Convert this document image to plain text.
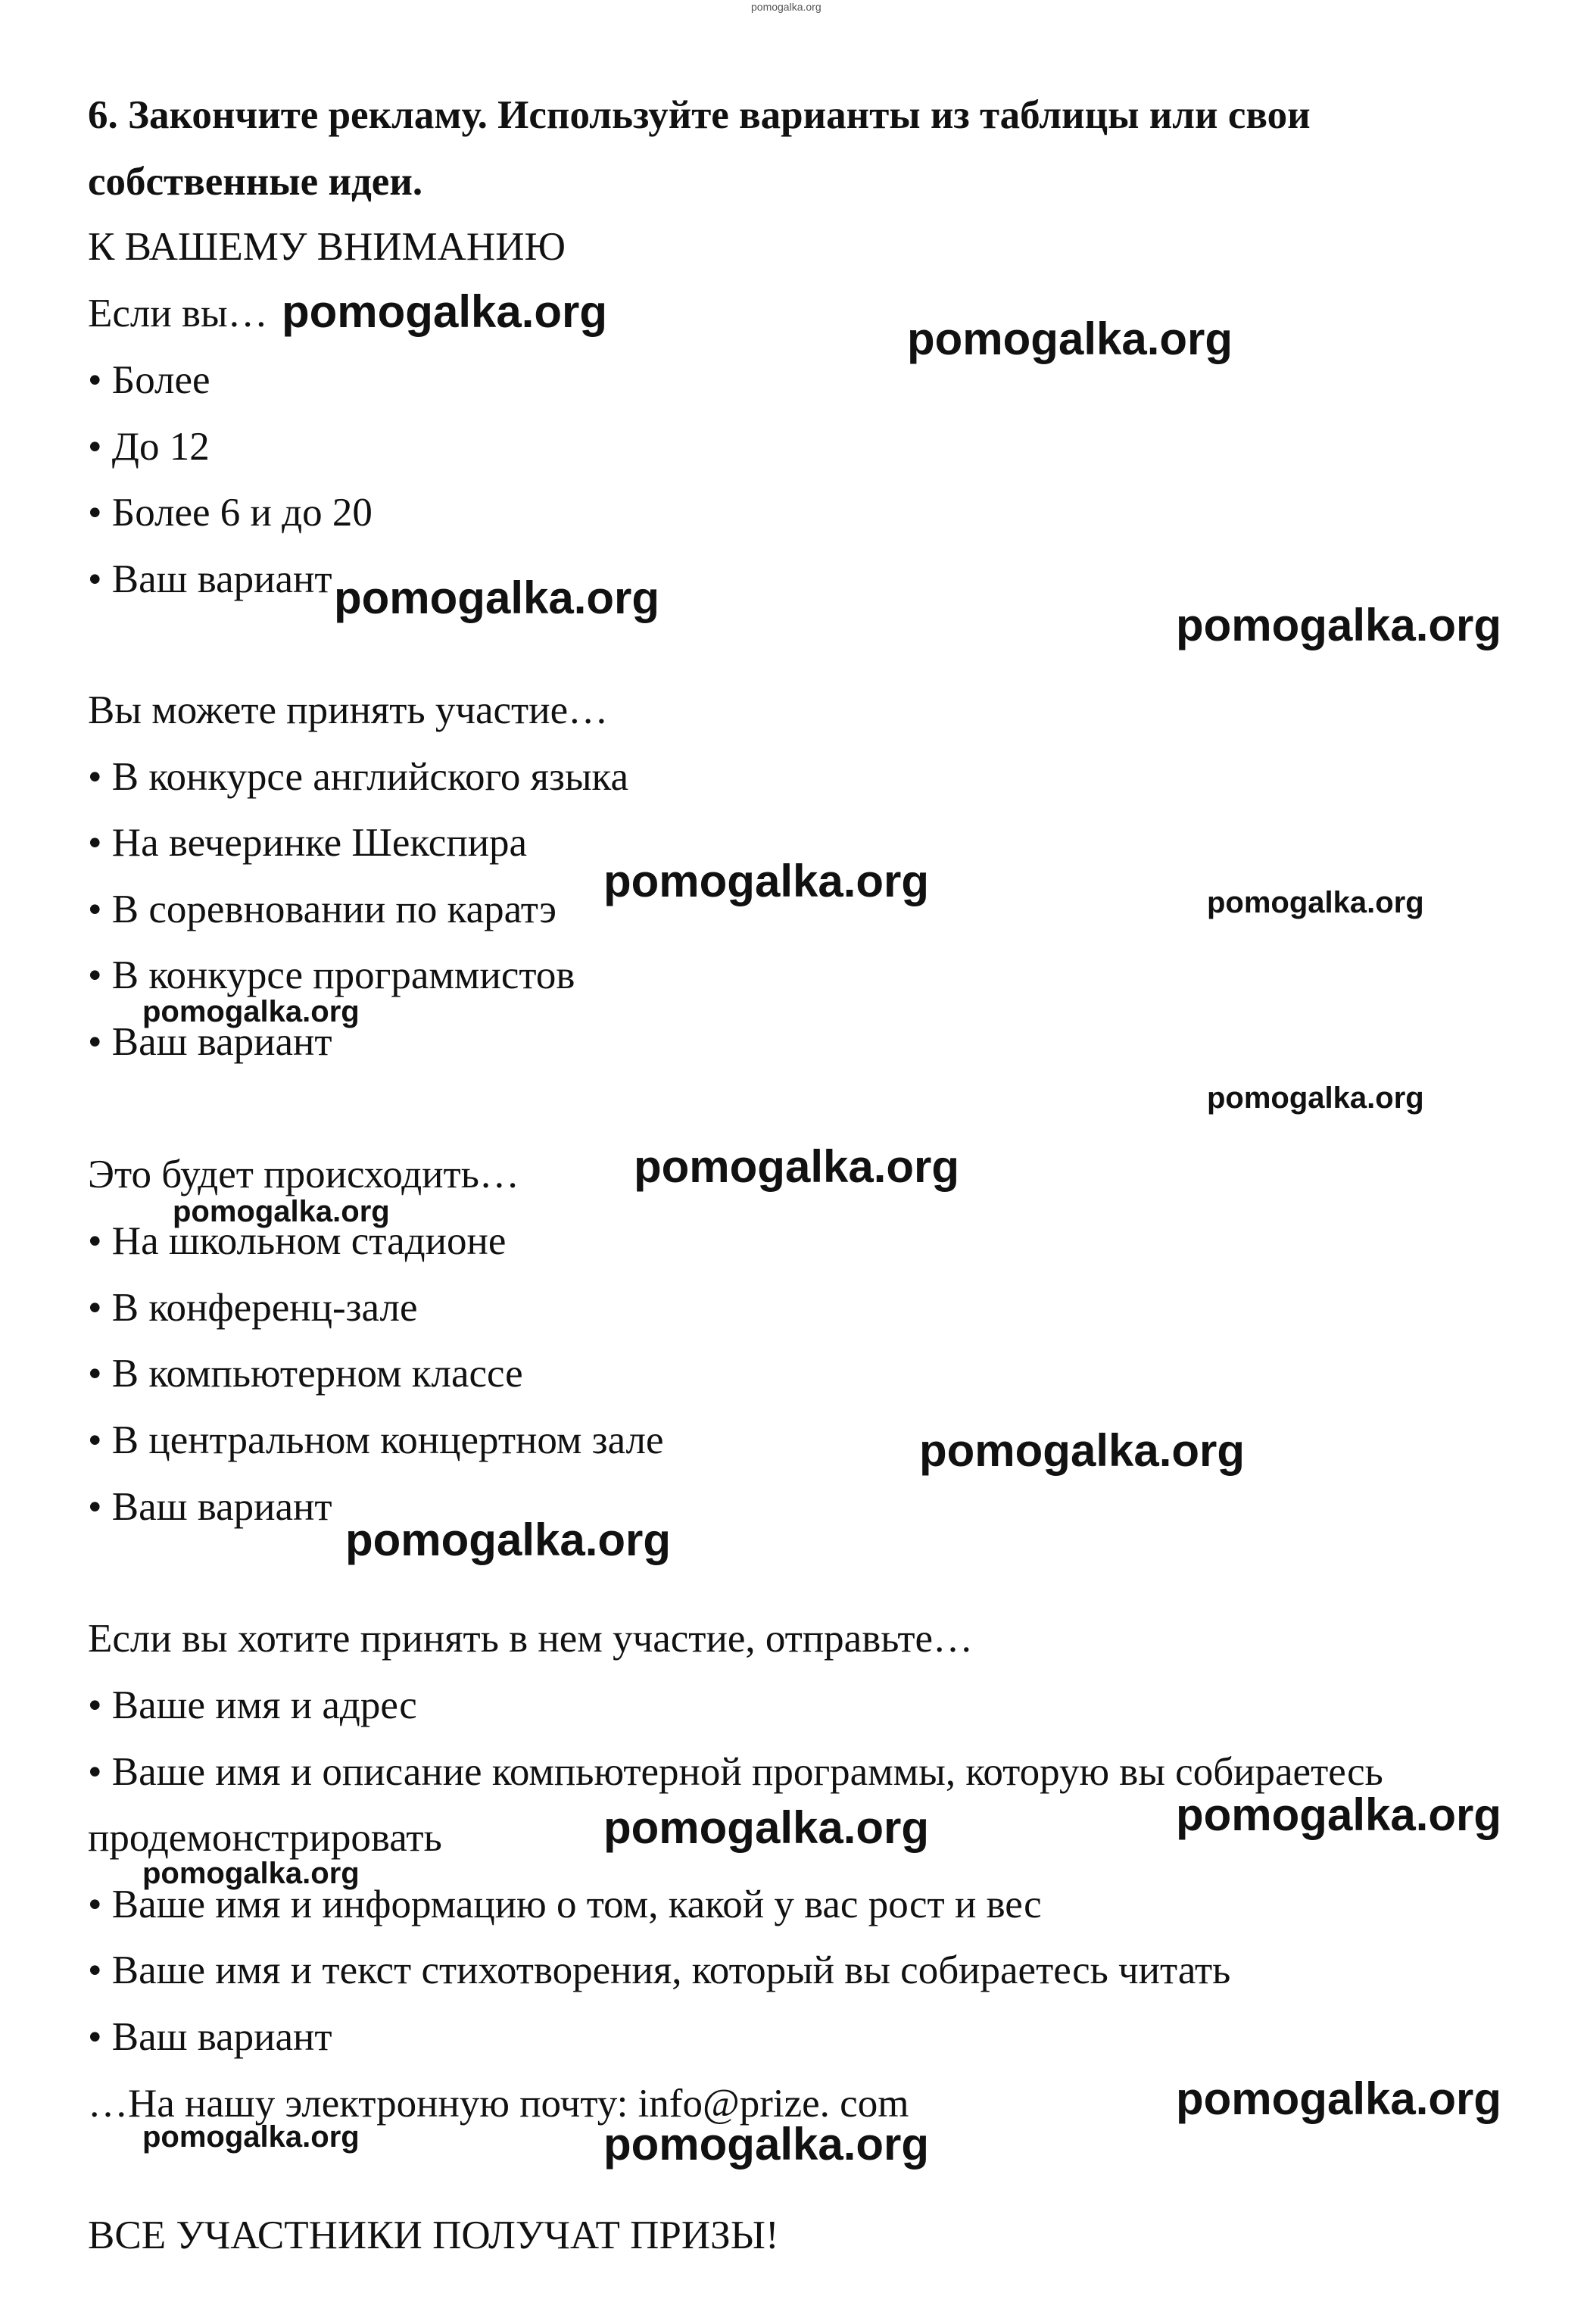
pomogalka.org
6. Закончите рекламу. Используйте варианты из таблицы или свои
собственные идеи.
К ВАШЕМУ ВНИМАНИЮ
Если вы…
• Более
• До 12
• Более 6 и до 20
• Ваш вариант
Вы можете принять участие…
• В конкурсе английского языка
• На вечеринке Шекспира
• В соревновании по каратэ
• В конкурсе программистов
• Ваш вариант
Это будет происходить…
• На школьном стадионе
• В конференц-зале
• В компьютерном классе
• В центральном концертном зале
• Ваш вариант
Если вы хотите принять в нем участие, отправьте…
• Ваше имя и адрес
• Ваше имя и описание компьютерной программы, которую вы собираетесь
продемонстрировать
• Ваше имя и информацию о том, какой у вас рост и вес
• Ваше имя и текст стихотворения, который вы собираетесь читать
• Ваш вариант
…На нашу электронную почту: info@prize. com
ВСЕ УЧАСТНИКИ ПОЛУЧАТ ПРИЗЫ!
pomogalka.org
pomogalka.org
pomogalka.org
pomogalka.org
pomogalka.org	pomogalka.org
pomogalka.org
pomogalka.org
pomogalka.org
pomogalka.org
pomogalka.org
pomogalka.org
pomogalka.org
pomogalka.org
pomogalka.org
pomogalka.org
pomogalka.org	pomogalka.org
